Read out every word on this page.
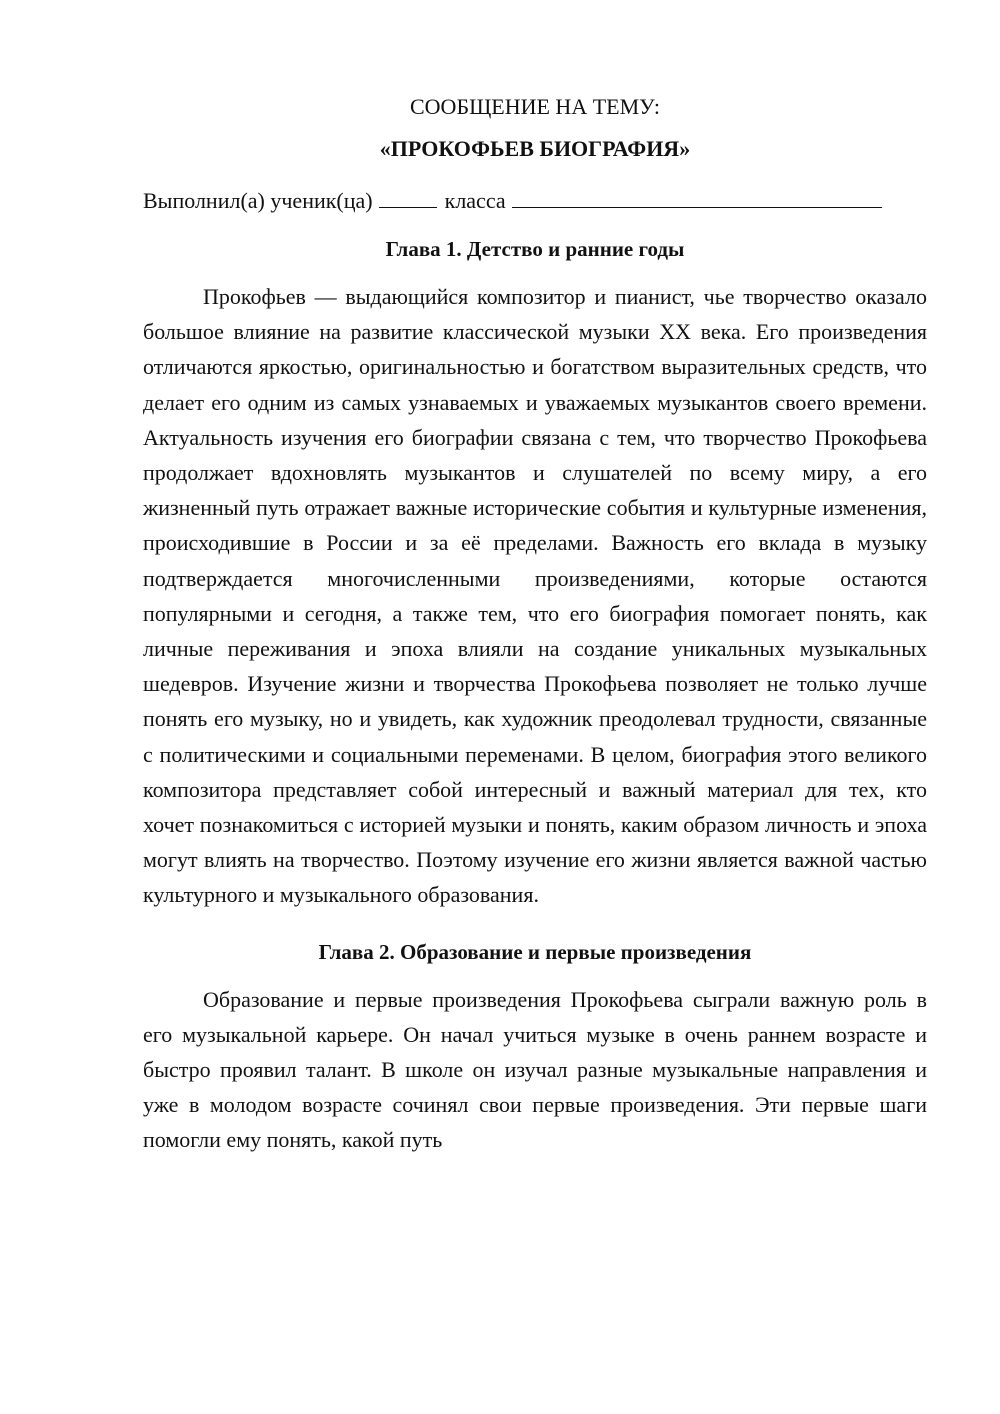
СООБЩЕНИЕ НА ТЕМУ:

«ПРОКОФЬЕВ БИОГРАФИЯ»

Выполнил(а) ученик(ца)	класса
Глава 1. Детство и ранние годы

Прокофьев — выдающийся композитор и пианист, чье творчество оказало большое влияние на развитие классической музыки XX века. Его произведения отличаются яркостью, оригинальностью и богатством выразительных средств, что делает его одним из самых узнаваемых и уважаемых музыкантов своего времени. Актуальность изучения его биографии связана с тем, что творчество Прокофьева продолжает вдохновлять музыкантов и слушателей по всему миру, а его жизненный путь отражает важные исторические события и культурные изменения, происходившие в России и за её пределами. Важность его вклада в музыку подтверждается многочисленными произведениями, которые остаются популярными и сегодня, а также тем, что его биография помогает понять, как личные переживания и эпоха влияли на создание уникальных музыкальных шедевров. Изучение жизни и творчества Прокофьева позволяет не только лучше понять его музыку, но и увидеть, как художник преодолевал трудности, связанные с политическими и социальными переменами. В целом, биография этого великого композитора представляет собой интересный и важный материал для тех, кто хочет познакомиться с историей музыки и понять, каким образом личность и эпоха могут влиять на творчество. Поэтому изучение его жизни является важной частью культурного и музыкального образования.

Глава 2. Образование и первые произведения

Образование и первые произведения Прокофьева сыграли важную роль в его музыкальной карьере. Он начал учиться музыке в очень раннем возрасте и быстро проявил талант. В школе он изучал разные музыкальные направления и уже в молодом возрасте сочинял свои первые произведения. Эти первые шаги помогли ему понять, какой путь
